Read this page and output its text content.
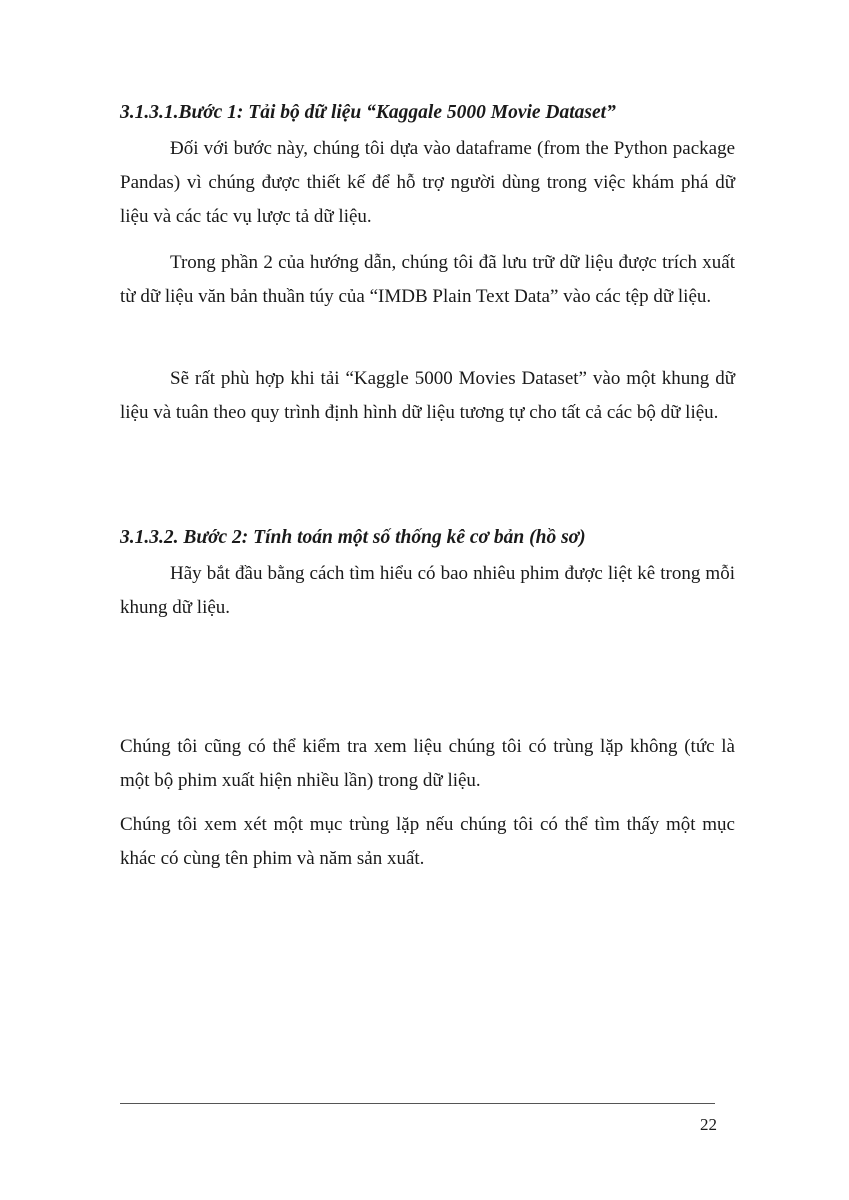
3.1.3.1.Bước 1: Tải bộ dữ liệu “Kaggale 5000 Movie Dataset”

Đối với bước này, chúng tôi dựa vào dataframe (from the Python package Pandas) vì chúng được thiết kế để hỗ trợ người dùng trong việc khám phá dữ liệu và các tác vụ lược tả dữ liệu.

Trong phần 2 của hướng dẫn, chúng tôi đã lưu trữ dữ liệu được trích xuất từ dữ liệu văn bản thuần túy của “IMDB Plain Text Data” vào các tệp dữ liệu.

Sẽ rất phù hợp khi tải “Kaggle 5000 Movies Dataset” vào một khung dữ liệu và tuân theo quy trình định hình dữ liệu tương tự cho tất cả các bộ dữ liệu.

3.1.3.2. Bước 2: Tính toán một số thống kê cơ bản (hồ sơ)

Hãy bắt đầu bằng cách tìm hiểu có bao nhiêu phim được liệt kê trong mỗi khung dữ liệu.

Chúng tôi cũng có thể kiểm tra xem liệu chúng tôi có trùng lặp không (tức là một bộ phim xuất hiện nhiều lần) trong dữ liệu.

Chúng tôi xem xét một mục trùng lặp nếu chúng tôi có thể tìm thấy một mục khác có cùng tên phim và năm sản xuất.

22
